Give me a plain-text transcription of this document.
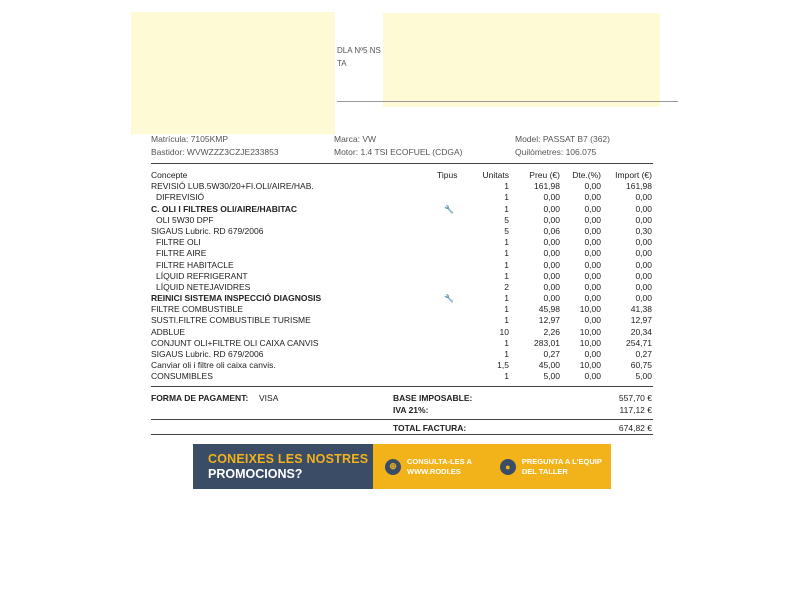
DLA Nº5 NS
TA
Matrícula: 7105KMP
Bastidor: WVWZZZ3CZJE233853
Marca: VW
Motor: 1.4 TSI ECOFUEL (CDGA)
Model: PASSAT B7 (362)
Quilòmetres: 106.075
Concepte	Tipus	Unitats Preu (€) Dte.(%) Import (€)
REVISIÓ LUB.5W30/20+FI.OLI/AIRE/HAB.	1	161,98	0,00	161,98
DIFREVISIÓ	1	0,00	0,00	0,00
C. OLI I FILTRES OLI/AIRE/HABITAC	🔧	1	0,00	0,00	0,00
OLI 5W30 DPF	5	0,00	0,00	0,00
SIGAUS Lubric. RD 679/2006	5	0,06	0,00	0,30
FILTRE OLI	1	0,00	0,00	0,00
FILTRE AIRE	1	0,00	0,00	0,00
FILTRE HABITACLE	1	0,00	0,00	0,00
LÍQUID REFRIGERANT	1	0,00	0,00	0,00
LÍQUID NETEJAVIDRES	2	0,00	0,00	0,00
REINICI SISTEMA INSPECCIÓ DIAGNOSIS	🔧	1	0,00	0,00	0,00
FILTRE COMBUSTIBLE	1	45,98 10,00	41,38
SUSTI.FILTRE COMBUSTIBLE TURISME	1	12,97	0,00	12,97
ADBLUE	10	2,26 10,00	20,34
CONJUNT OLI+FILTRE OLI CAIXA CANVIS	1	283,01 10,00	254,71
SIGAUS Lubric. RD 679/2006	1	0,27	0,00	0,27
Canviar oli i filtre oli caixa canvis.	1,5	45,00 10,00	60,75
CONSUMIBLES	1	5,00	0,00	5,00
FORMA DE PAGAMENT: VISA	BASE IMPOSABLE:	557,70 €
IVA 21%:	117,12 €
TOTAL FACTURA:	674,82 €
CONEIXES LES NOSTRES
PROMOCIONS?
⊕	CONSULTA-LES A
WWW.RODI.ES	●
PREGUNTA A L'EQUIP
DEL TALLER
